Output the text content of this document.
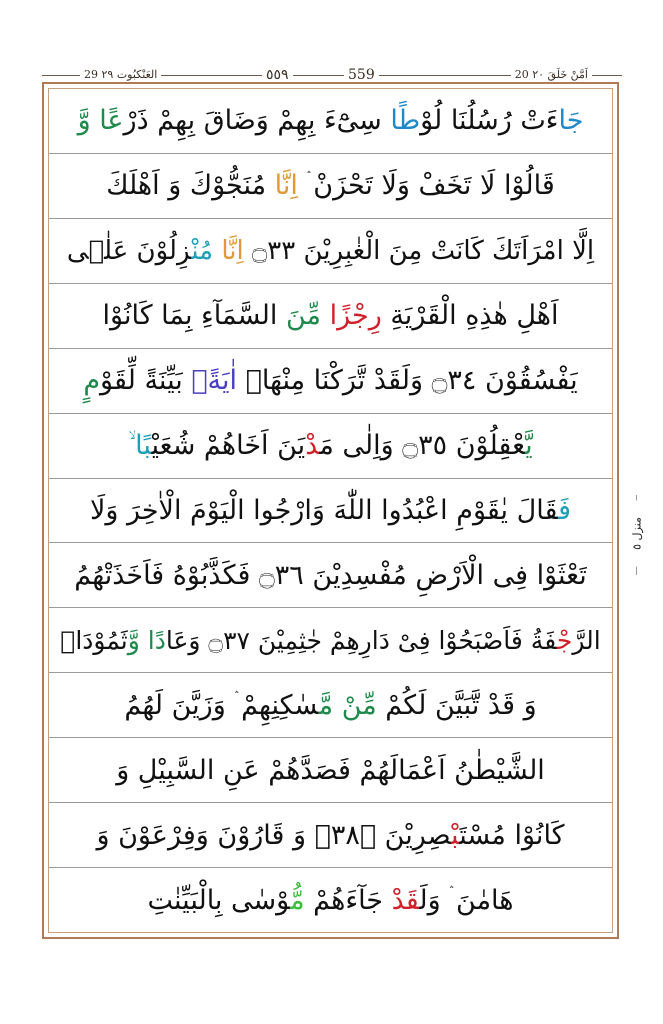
29 العَنْكبُوت ٢٩	٥٥٩	559	20 اَمَّنْ خَلَقَ ٢٠
جَاءَتْ رُسُلُنَا لُوْطًا سِیْٓءَ بِهِمْ وَضَاقَ بِهِمْ ذَرْعًا وَّ
قَالُوْا لَا تَخَفْ وَلَا تَحْزَنْ ۛ اِنَّا مُنَجُّوْكَ وَ اَهْلَكَ
اِلَّا امْرَاَتَكَ كَانَتْ مِنَ الْغٰبِرِیْنَ ۝٣٣ اِنَّا مُنْزِلُوْنَ عَلٰۤى
اَهْلِ هٰذِهِ الْقَرْیَةِ رِجْزًا مِّنَ السَّمَآءِ بِمَا كَانُوْا
یَفْسُقُوْنَ ۝٣٤ وَلَقَدْ تَّرَكْنَا مِنْهَاۤ اٰیَةًۢ بَیِّنَةً لِّقَوْمٍ
یَّعْقِلُوْنَ ۝٣٥ وَاِلٰى مَدْیَنَ اَخَاهُمْ شُعَیْبًا ۙ
فَقَالَ یٰقَوْمِ اعْبُدُوا اللّٰهَ وَارْجُوا الْیَوْمَ الْاٰخِرَ وَلَا
تَعْثَوْا فِی الْاَرْضِ مُفْسِدِیْنَ ۝٣٦ فَكَذَّبُوْهُ فَاَخَذَتْهُمُ
الرَّجْفَةُ فَاَصْبَحُوْا فِیْ دَارِهِمْ جٰثِمِیْنَ ۝٣٧ وَعَادًا وَّثَمُوْدَاۡ
وَ قَدْ تَّبَیَّنَ لَكُمْ مِّنْ مَّسٰكِنِهِمْ ۛ وَزَیَّنَ لَهُمُ
الشَّیْطٰنُ اَعْمَالَهُمْ فَصَدَّهُمْ عَنِ السَّبِیْلِ وَ
كَانُوْا مُسْتَبْصِرِیْنَ ۝٣٨ۙ وَ قَارُوْنَ وَفِرْعَوْنَ وَ
هَامٰنَ ۛ وَلَقَدْ جَآءَهُمْ مُّوْسٰى بِالْبَیِّنٰتِ
منزل ٥
